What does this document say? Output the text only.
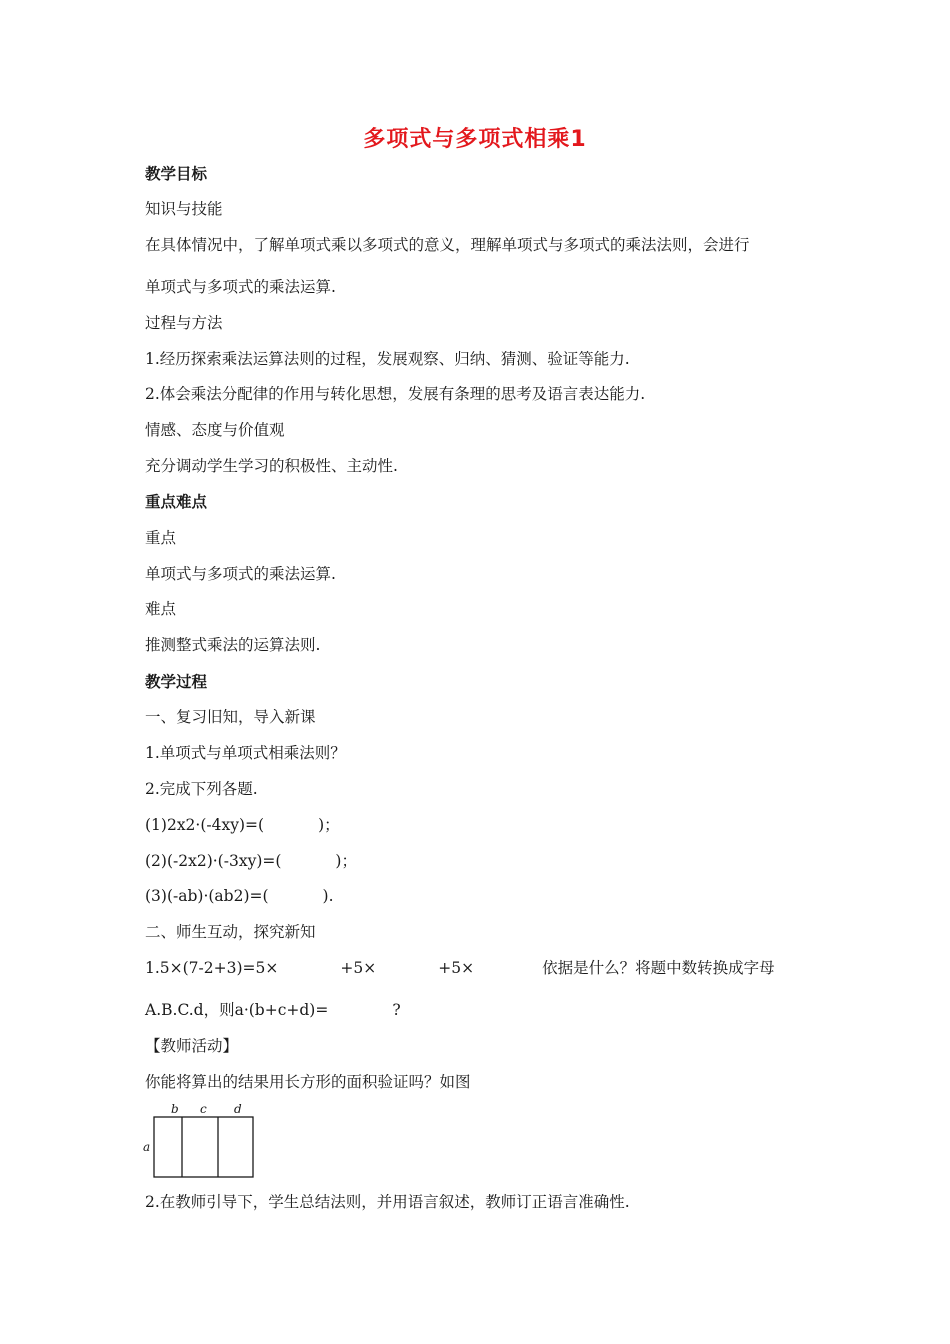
多项式与多项式相乘1
教学目标
知识与技能
在具体情况中，了解单项式乘以多项式的意义，理解单项式与多项式的乘法法则，会进行
单项式与多项式的乘法运算.
过程与方法
1.经历探索乘法运算法则的过程，发展观察、归纳、猜测、验证等能力.
2.体会乘法分配律的作用与转化思想，发展有条理的思考及语言表达能力.
情感、态度与价值观
充分调动学生学习的积极性、主动性.
重点难点
重点
单项式与多项式的乘法运算.
难点
推测整式乘法的运算法则.
教学过程
一、复习旧知，导入新课
1.单项式与单项式相乘法则？
2.完成下列各题.
(1)2x2·(-4xy)=(	)；
(2)(-2x2)·(-3xy)=(	)；
(3)(-ab)·(ab2)=(	).
二、师生互动，探究新知
1.5×(7-2+3)=5×	+5×	+5×	依据是什么？将题中数转换成字母
A.B.C.d，则a·(b+c+d)=	?
【教师活动】
你能将算出的结果用长方形的面积验证吗？如图
b c d
a
2.在教师引导下，学生总结法则，并用语言叙述，教师订正语言准确性.
